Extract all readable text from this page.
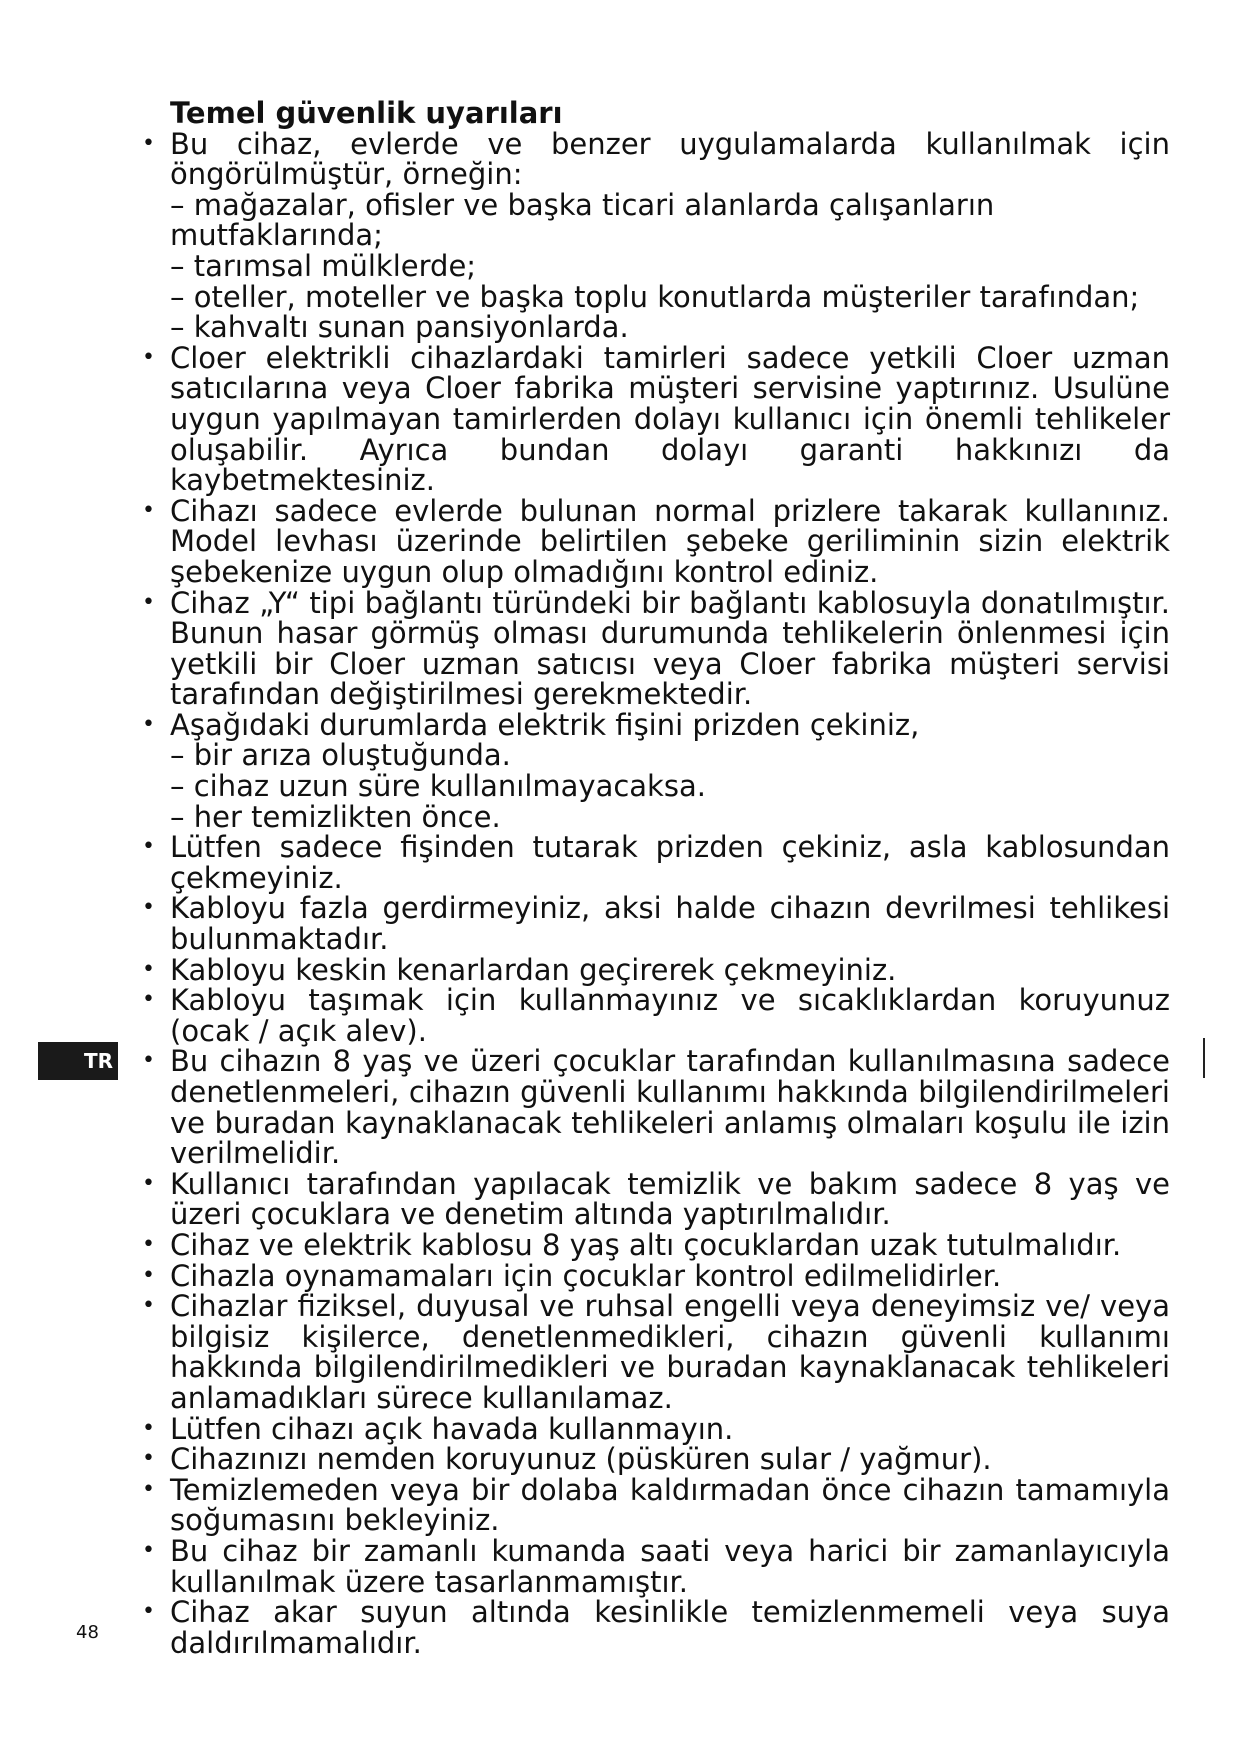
Temel güvenlik uyarıları
• Bu cihaz, evlerde ve benzer uygulamalarda kullanılmak için öngörülmüştür, örneğin:
– mağazalar, ofisler ve başka ticari alanlarda çalışanların mutfaklarında;
– tarımsal mülklerde;
– oteller, moteller ve başka toplu konutlarda müşteriler tarafından;
– kahvaltı sunan pansiyonlarda.
• Cloer elektrikli cihazlardaki tamirleri sadece yetkili Cloer uzman satıcılarına veya Cloer fabrika müşteri servisine yaptırınız. Usulüne uygun yapılmayan tamirlerden dolayı kullanıcı için önemli tehlikeler oluşabilir. Ayrıca bundan dolayı garanti hakkınızı da kaybetmektesiniz.
• Cihazı sadece evlerde bulunan normal prizlere takarak kullanınız. Model levhası üzerinde belirtilen şebeke geriliminin sizin elektrik şebekenize uygun olup olmadığını kontrol ediniz.
• Cihaz „Y“ tipi bağlantı türündeki bir bağlantı kablosuyla donatılmıştır. Bunun hasar görmüş olması durumunda tehlikelerin önlenmesi için yetkili bir Cloer uzman satıcısı veya Cloer fabrika müşteri servisi tarafından değiştirilmesi gerekmektedir.
• Aşağıdaki durumlarda elektrik fişini prizden çekiniz,
– bir arıza oluştuğunda.
– cihaz uzun süre kullanılmayacaksa.
– her temizlikten önce.
• Lütfen sadece fişinden tutarak prizden çekiniz, asla kablosundan çekmeyiniz.
• Kabloyu fazla gerdirmeyiniz, aksi halde cihazın devrilmesi tehlikesi bulunmaktadır.
• Kabloyu keskin kenarlardan geçirerek çekmeyiniz.
• Kabloyu taşımak için kullanmayınız ve sıcaklıklardan koruyunuz (ocak / açık alev).
• Bu cihazın 8 yaş ve üzeri çocuklar tarafından kullanılmasına sadece denetlenmeleri, cihazın güvenli kullanımı hakkında bilgilendirilmeleri ve buradan kaynaklanacak tehlikeleri anlamış olmaları koşulu ile izin verilmelidir.
• Kullanıcı tarafından yapılacak temizlik ve bakım sadece 8 yaş ve üzeri çocuklara ve denetim altında yaptırılmalıdır.
• Cihaz ve elektrik kablosu 8 yaş altı çocuklardan uzak tutulmalıdır.
• Cihazla oynamamaları için çocuklar kontrol edilmelidirler.
• Cihazlar fiziksel, duyusal ve ruhsal engelli veya deneyimsiz ve/ veya bilgisiz kişilerce, denetlenmedikleri, cihazın güvenli kullanımı hakkında bilgilendirilmedikleri ve buradan kaynaklanacak tehlikeleri anlamadıkları sürece kullanılamaz.
• Lütfen cihazı açık havada kullanmayın.
• Cihazınızı nemden koruyunuz (püsküren sular / yağmur).
• Temizlemeden veya bir dolaba kaldırmadan önce cihazın tamamıyla soğumasını bekleyiniz.
• Bu cihaz bir zamanlı kumanda saati veya harici bir zamanlayıcıyla kullanılmak üzere tasarlanmamıştır.
• Cihaz akar suyun altında kesinlikle temizlenmemeli veya suya daldırılmamalıdır.
TR
48
